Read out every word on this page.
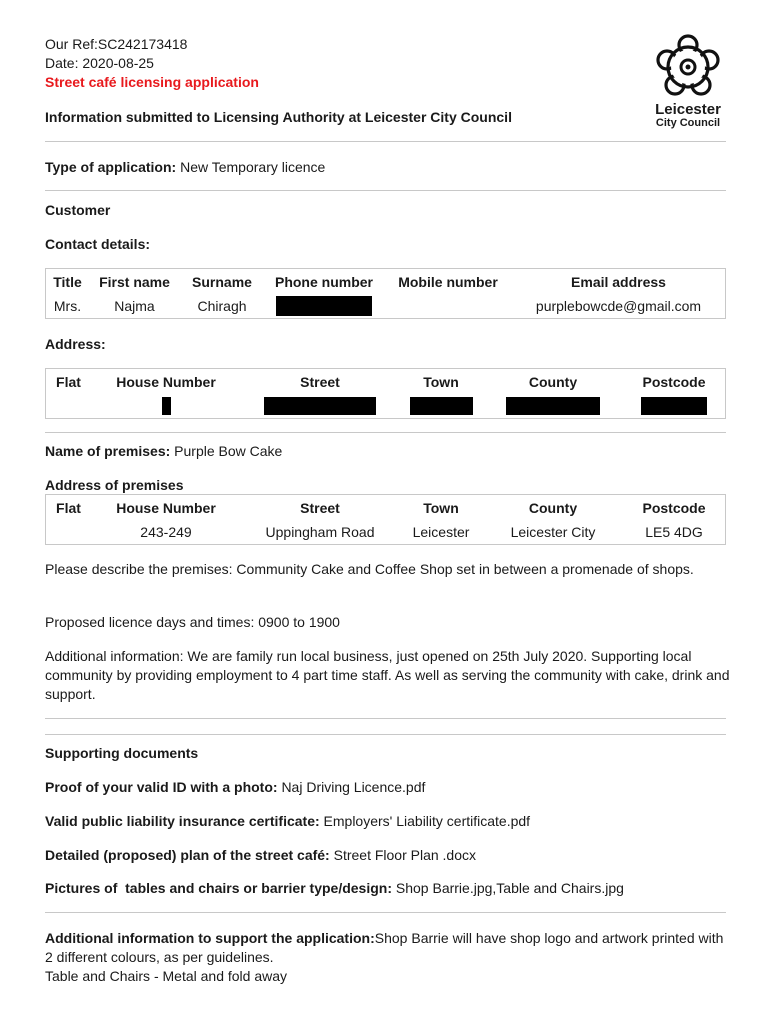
Our Ref:SC242173418
Date: 2020-08-25
Street café licensing application
Information submitted to Licensing Authority at Leicester City Council	Leicester
City Council
Type of application: New Temporary licence
Customer
Contact details:
Title	First name	Surname	Phone number	Mobile number	Email address
Mrs.	Najma	Chiragh			purplebowcde@gmail.com
Address:
Flat	House Number	Street	Town	County	Postcode

Name of premises: Purple Bow Cake
Address of premises
Flat	House Number	Street	Town	County	Postcode
	243-249	Uppingham Road	Leicester	Leicester City	LE5 4DG
Please describe the premises: Community Cake and Coffee Shop set in between a promenade of shops.
Proposed licence days and times: 0900 to 1900
Additional information: We are family run local business, just opened on 25th July 2020. Supporting local community by providing employment to 4 part time staff. As well as serving the community with cake, drink and support.
Supporting documents
Proof of your valid ID with a photo: Naj Driving Licence.pdf
Valid public liability insurance certificate: Employers' Liability certificate.pdf
Detailed (proposed) plan of the street café: Street Floor Plan .docx
Pictures of  tables and chairs or barrier type/design: Shop Barrie.jpg,Table and Chairs.jpg
Additional information to support the application:Shop Barrie will have shop logo and artwork printed with 2 different colours, as per guidelines.
Table and Chairs - Metal and fold away
